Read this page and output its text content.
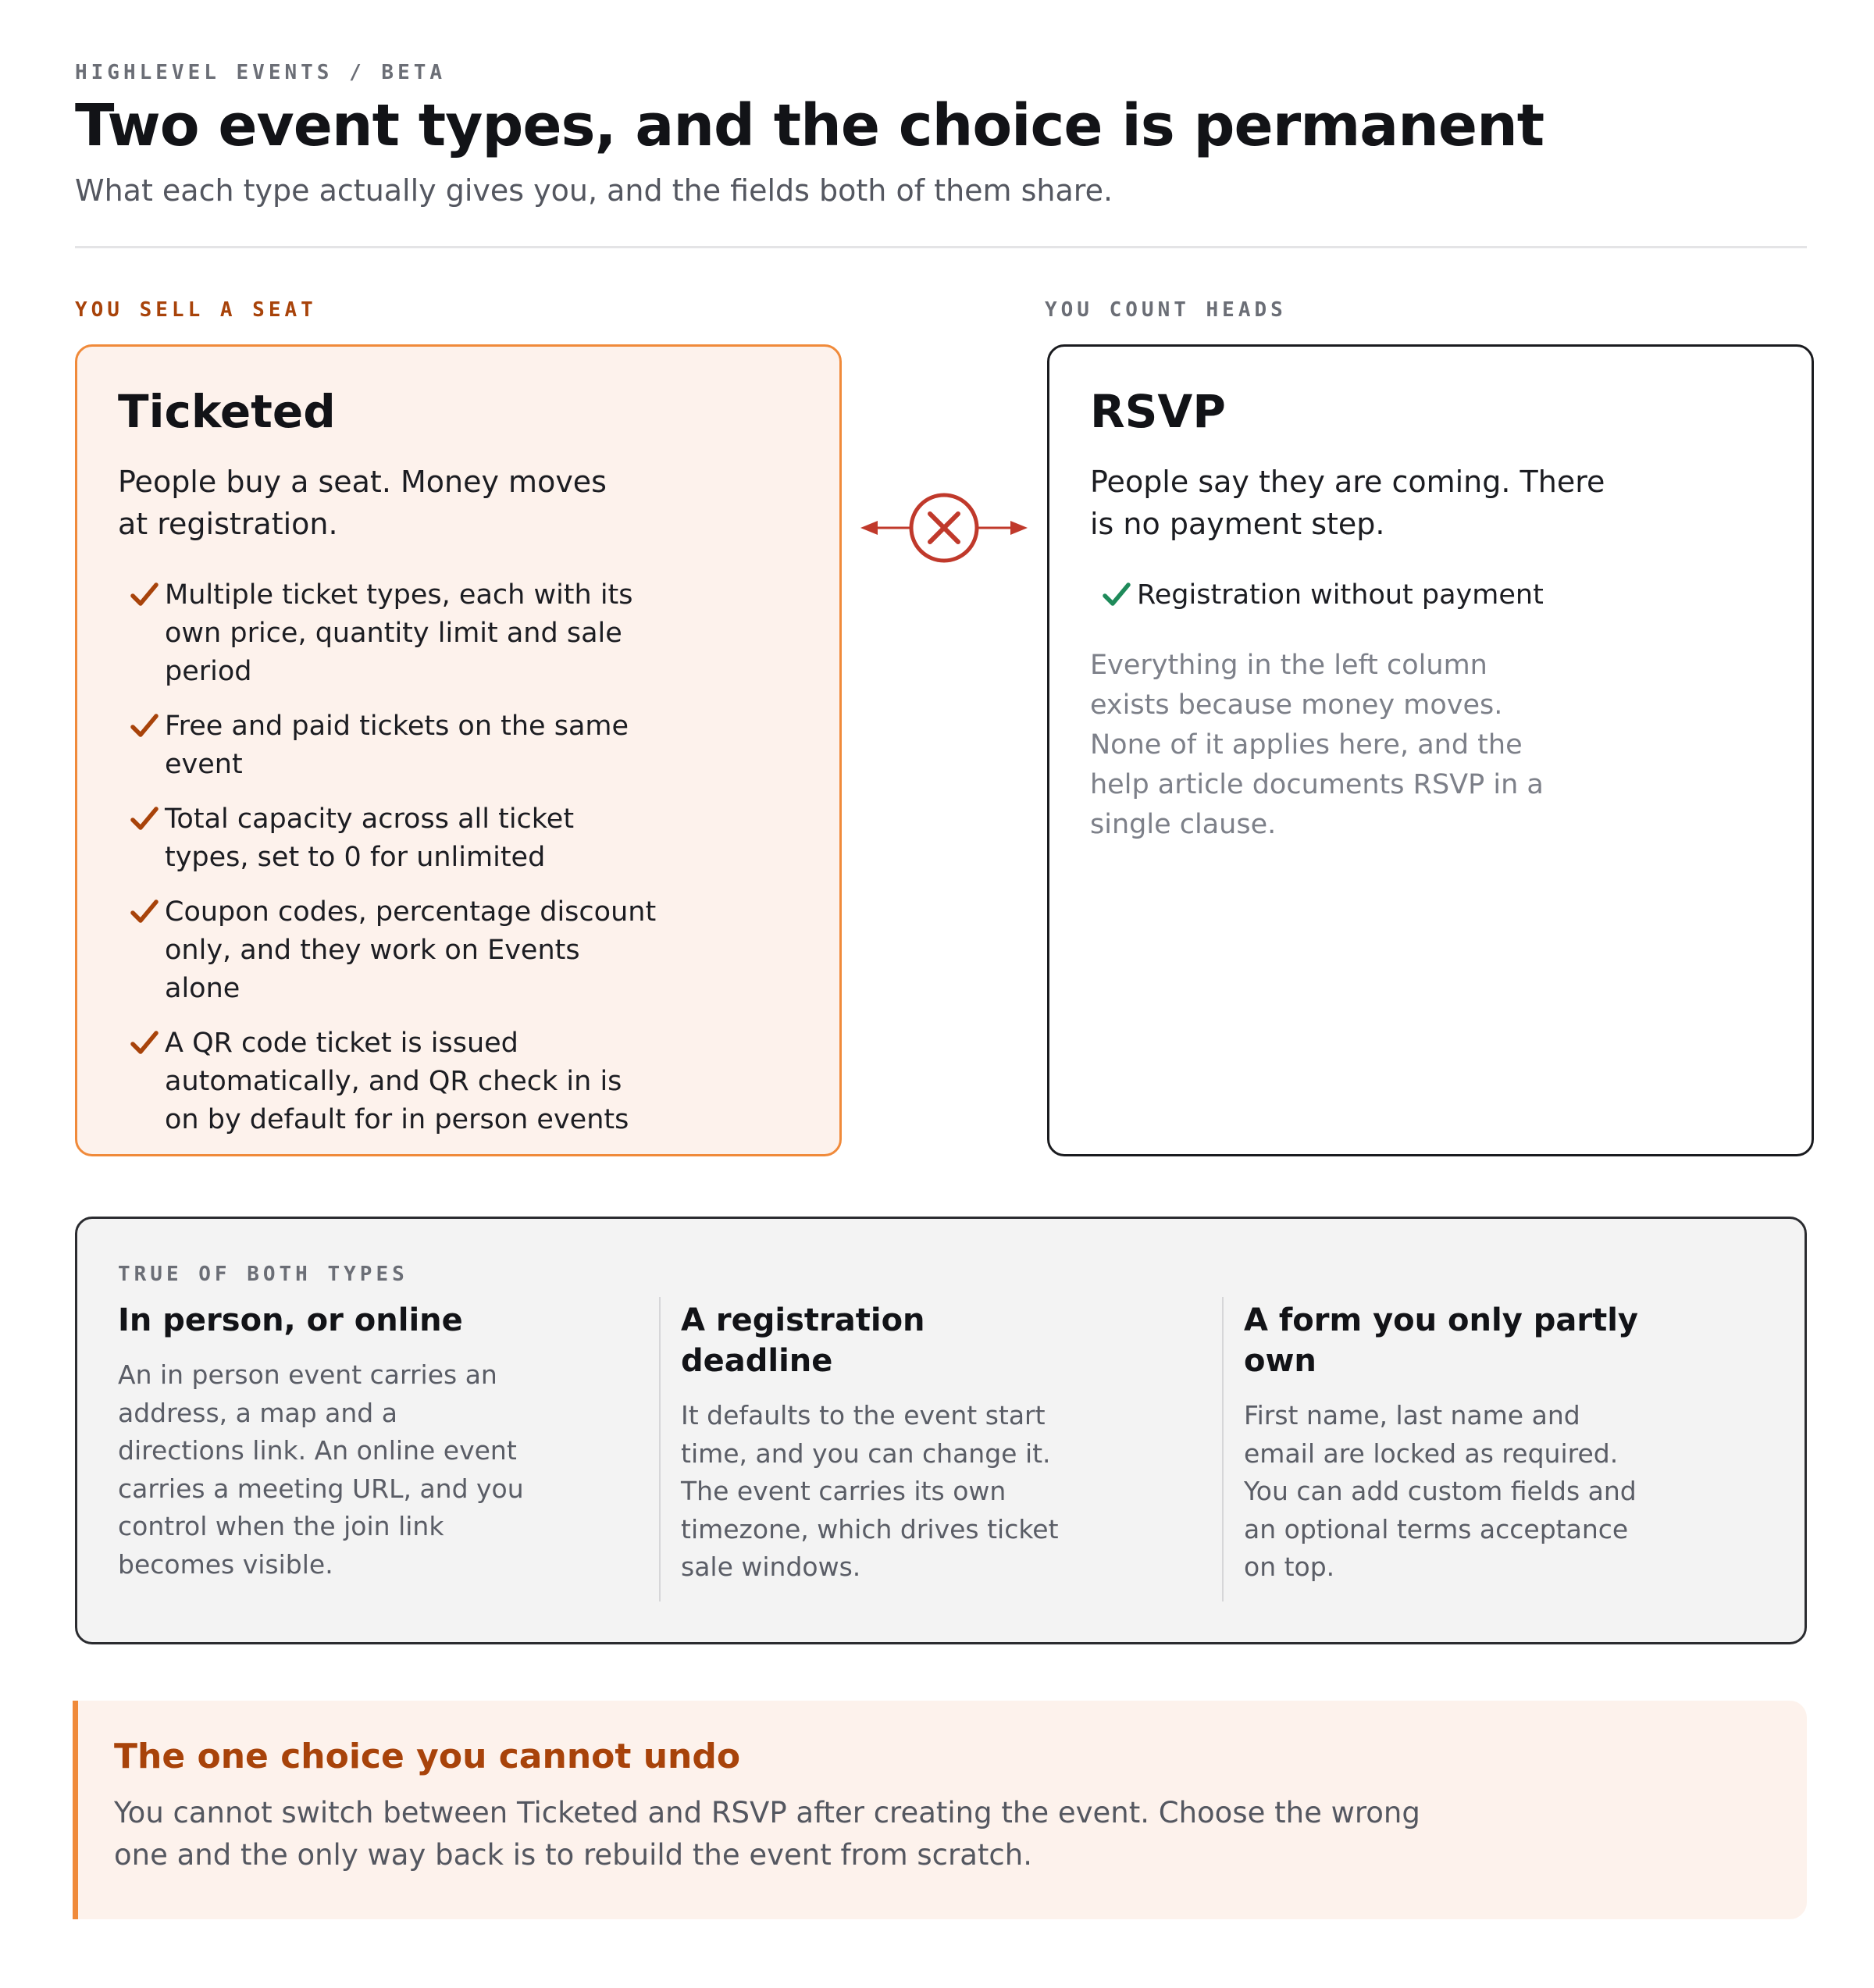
HIGHLEVEL EVENTS / BETA
Two event types, and the choice is permanent

What each type actually gives you, and the fields both of them share.

YOU SELL A SEAT	YOU COUNT HEADS
Ticketed

People buy a seat. Money moves at registration.

Multiple ticket types, each with its own price, quantity limit and sale period
Free and paid tickets on the same event
Total capacity across all ticket types, set to 0 for unlimited
Coupon codes, percentage discount only, and they work on Events alone
A QR code ticket is issued automatically, and QR check in is on by default for in person events
RSVP

People say they are coming. There is no payment step.

Registration without payment

Everything in the left column exists because money moves. None of it applies here, and the help article documents RSVP in a single clause.

TRUE OF BOTH TYPES
In person, or online

An in person event carries an address, a map and a directions link. An online event carries a meeting URL, and you control when the join link becomes visible.

A registration deadline

It defaults to the event start time, and you can change it. The event carries its own timezone, which drives ticket sale windows.

A form you only partly own

First name, last name and email are locked as required. You can add custom fields and an optional terms acceptance on top.

The one choice you cannot undo

You cannot switch between Ticketed and RSVP after creating the event. Choose the wrong one and the only way back is to rebuild the event from scratch.
